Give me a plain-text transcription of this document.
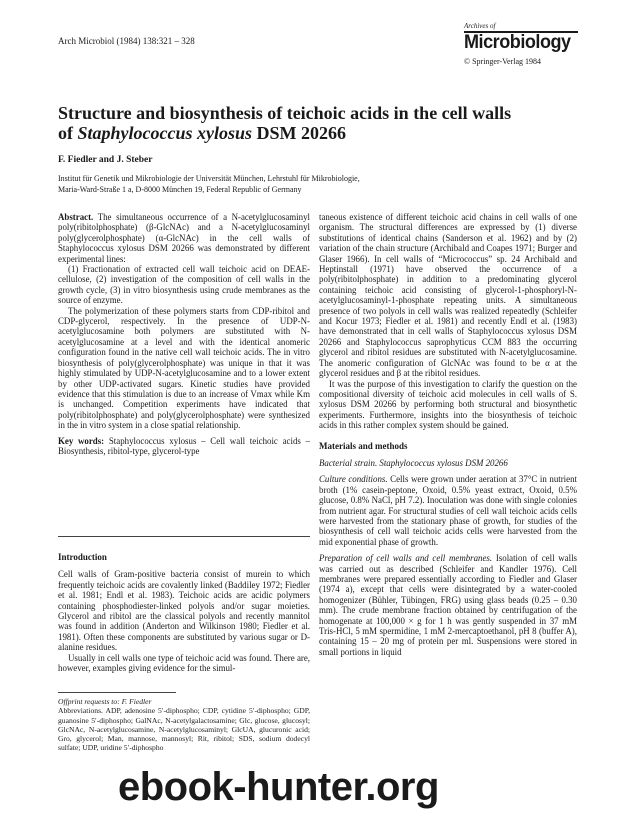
Arch Microbiol (1984) 138:321 – 328
Archives of
Microbiology
© Springer-Verlag 1984
Structure and biosynthesis of teichoic acids in the cell walls
of Staphylococcus xylosus DSM 20266
F. Fiedler and J. Steber
Institut für Genetik und Mikrobiologie der Universität München, Lehrstuhl für Mikrobiologie,
Maria-Ward-Straße 1 a, D-8000 München 19, Federal Republic of Germany

Abstract. The simultaneous occurrence of a N-acetylglucosaminyl poly(ribitolphosphate) (β-GlcNAc) and a N-acetylglucosaminyl poly(glycerolphosphate) (α-GlcNAc) in the cell walls of Staphylococcus xylosus DSM 20266 was demonstrated by different experimental lines:

(1) Fractionation of extracted cell wall teichoic acid on DEAE-cellulose, (2) investigation of the composition of cell walls in the growth cycle, (3) in vitro biosynthesis using crude membranes as the source of enzyme.

The polymerization of these polymers starts from CDP-ribitol and CDP-glycerol, respectively. In the presence of UDP-N-acetylglucosamine both polymers are substituted with N-acetylglucosamine at a level and with the identical anomeric configuration found in the native cell wall teichoic acids. The in vitro biosynthesis of poly(glycerolphosphate) was unique in that it was highly stimulated by UDP-N-acetylglucosamine and to a lower extent by other UDP-activated sugars. Kinetic studies have provided evidence that this stimulation is due to an increase of Vmax while Km is unchanged. Competition experiments have indicated that poly(ribitolphosphate) and poly(glycerolphosphate) were synthesized in the in vitro system in a close spatial relationship.

Key words: Staphylococcus xylosus – Cell wall teichoic acids – Biosynthesis, ribitol-type, glycerol-type

Introduction

Cell walls of Gram-positive bacteria consist of murein to which frequently teichoic acids are covalently linked (Baddiley 1972; Fiedler et al. 1981; Endl et al. 1983). Teichoic acids are acidic polymers containing phosphodiester-linked polyols and/or sugar moieties. Glycerol and ribitol are the classical polyols and recently mannitol was found in addition (Anderton and Wilkinson 1980; Fiedler et al. 1981). Often these components are substituted by various sugar or D-alanine residues.

Usually in cell walls one type of teichoic acid was found. There are, however, examples giving evidence for the simul-

Offprint requests to: F. Fiedler

Abbreviations. ADP, adenosine 5′-diphospho; CDP, cytidine 5′-diphospho; GDP, guanosine 5′-diphospho; GalNAc, N-acetylgalactosamine; Glc, glucose, glucosyl; GlcNAc, N-acetylglucosamine, N-acetylglucosaminyl; GlcUA, glucuronic acid; Gro, glycerol; Man, mannose, mannosyl; Rit, ribitol; SDS, sodium dodecyl sulfate; UDP, uridine 5′-diphospho

taneous existence of different teichoic acid chains in cell walls of one organism. The structural differences are expressed by (1) diverse substitutions of identical chains (Sanderson et al. 1962) and by (2) variation of the chain structure (Archibald and Coapes 1971; Burger and Glaser 1966). In cell walls of “Micrococcus” sp. 24 Archibald and Heptinstall (1971) have observed the occurrence of a poly(ribitolphosphate) in addition to a predominating glycerol containing teichoic acid consisting of glycerol-1-phosphoryl-N-acetylglucosaminyl-1-phosphate repeating units. A simultaneous presence of two polyols in cell walls was realized repeatedly (Schleifer and Kocur 1973; Fiedler et al. 1981) and recently Endl et al. (1983) have demonstrated that in cell walls of Staphylococcus xylosus DSM 20266 and Staphylococcus saprophyticus CCM 883 the occurring glycerol and ribitol residues are substituted with N-acetylglucosamine. The anomeric configuration of GlcNAc was found to be α at the glycerol residues and β at the ribitol residues.

It was the purpose of this investigation to clarify the question on the compositional diversity of teichoic acid molecules in cell walls of S. xylosus DSM 20266 by performing both structural and biosynthetic experiments. Furthermore, insights into the biosynthesis of teichoic acids in this rather complex system should be gained.

Materials and methods

Bacterial strain. Staphylococcus xylosus DSM 20266

Culture conditions. Cells were grown under aeration at 37°C in nutrient broth (1% casein-peptone, Oxoid, 0.5% yeast extract, Oxoid, 0.5% glucose, 0.8% NaCl, pH 7.2). Inoculation was done with single colonies from nutrient agar. For structural studies of cell wall teichoic acids cells were harvested from the stationary phase of growth, for studies of the biosynthesis of cell wall teichoic acids cells were harvested from the mid exponential phase of growth.

Preparation of cell walls and cell membranes. Isolation of cell walls was carried out as described (Schleifer and Kandler 1976). Cell membranes were prepared essentially according to Fiedler and Glaser (1974 a), except that cells were disintegrated by a water-cooled homogenizer (Bühler, Tübingen, FRG) using glass beads (0.25 – 0.30 mm). The crude membrane fraction obtained by centrifugation of the homogenate at 100,000 × g for 1 h was gently suspended in 37 mM Tris-HCl, 5 mM spermidine, 1 mM 2-mercaptoethanol, pH 8 (buffer A), containing 15 – 20 mg of protein per ml. Suspensions were stored in small portions in liquid

ebook-hunter.org
